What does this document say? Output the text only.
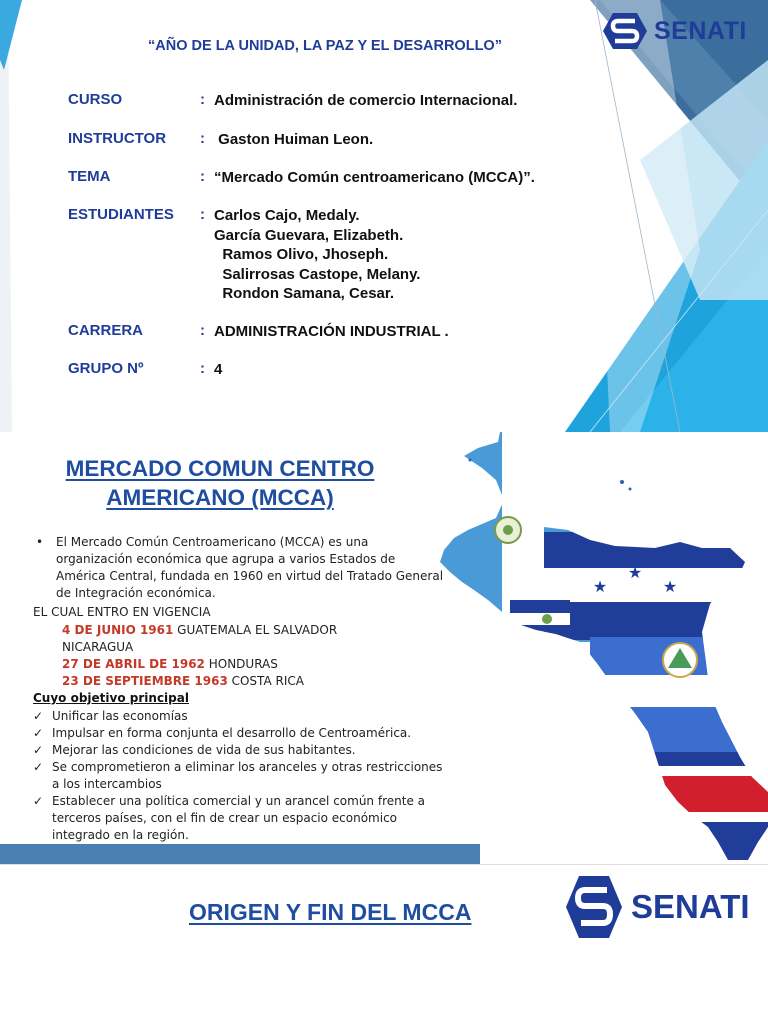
“AÑO DE LA UNIDAD, LA PAZ Y EL DESARROLLO”
SENATI
CURSO	: Administración de comercio Internacional.
INSTRUCTOR	: Gaston Huiman Leon.
TEMA	: “Mercado Común centroamericano (MCCA)”.
ESTUDIANTES	: Carlos Cajo, Medaly.
García Guevara, Elizabeth.
Ramos Olivo, Jhoseph.
Salirrosas Castope, Melany.
Rondon Samana, Cesar.
CARRERA	: ADMINISTRACIÓN INDUSTRIAL .
GRUPO Nº	: 4
MERCADO COMUN CENTRO AMERICANO (MCCA)
• El Mercado Común Centroamericano (MCCA) es una organización económica que agrupa a varios Estados de América Central, fundada en 1960 en virtud del Tratado General de Integración económica.
EL CUAL ENTRO EN VIGENCIA
4 DE JUNIO 1961 GUATEMALA EL SALVADOR NICARAGUA
27 DE ABRIL DE 1962 HONDURAS
23 DE SEPTIEMBRE 1963 COSTA RICA
Cuyo objetivo principal
✓ Unificar las economías
✓ Impulsar en forma conjunta el desarrollo de Centroamérica.
✓ Mejorar las condiciones de vida de sus habitantes.
✓ Se comprometieron a eliminar los aranceles y otras restricciones a los intercambios
✓ Establecer una política comercial y un arancel común frente a terceros países, con el fin de crear un espacio económico integrado en la región.
★	★
★
★	★
ORIGEN Y FIN DEL MCCA	SENATI
